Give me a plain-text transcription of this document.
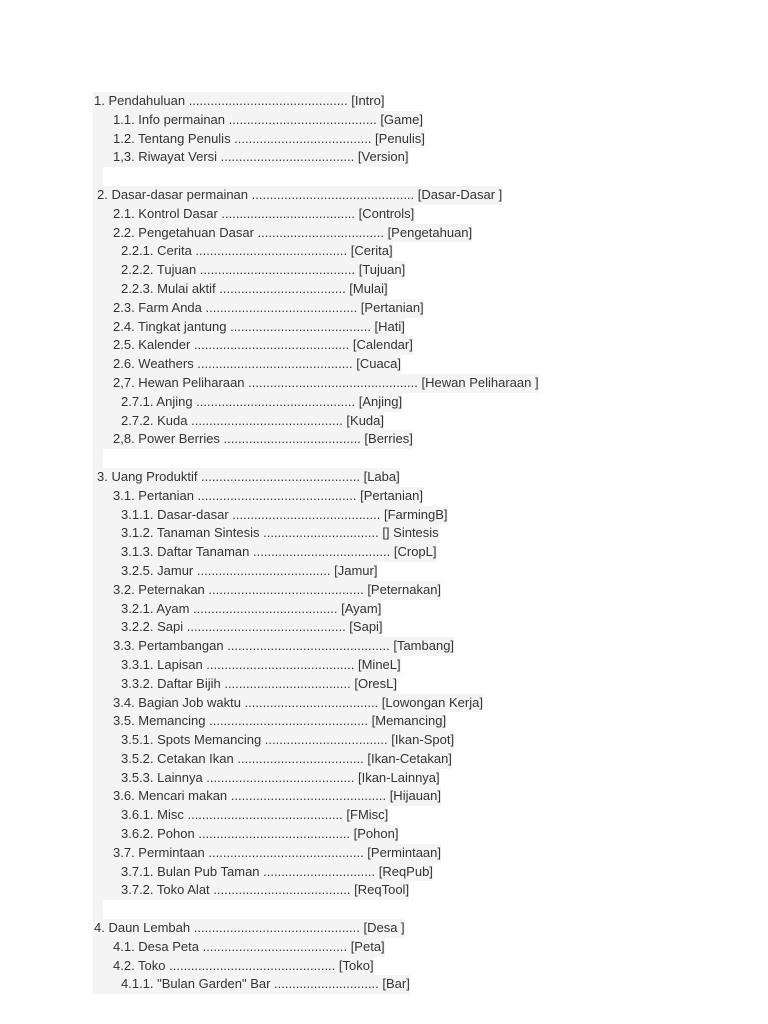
1. Pendahuluan ............................................ [Intro]
1.1. Info permainan ......................................... [Game]
1.2. Tentang Penulis ...................................... [Penulis]
1,3. Riwayat Versi ..................................... [Version]
2. Dasar-dasar permainan ............................................. [Dasar-Dasar ]
2.1. Kontrol Dasar ..................................... [Controls]
2.2. Pengetahuan Dasar ................................... [Pengetahuan]
2.2.1. Cerita .......................................... [Cerita]
2.2.2. Tujuan ........................................... [Tujuan]
2.2.3. Mulai aktif ................................... [Mulai]
2.3. Farm Anda .......................................... [Pertanian]
2.4. Tingkat jantung ....................................... [Hati]
2.5. Kalender ........................................... [Calendar]
2.6. Weathers ........................................... [Cuaca]
2,7. Hewan Peliharaan ............................................... [Hewan Peliharaan ]
2.7.1. Anjing ............................................ [Anjing]
2.7.2. Kuda .......................................... [Kuda]
2,8. Power Berries ...................................... [Berries]
3. Uang Produktif ............................................ [Laba]
3.1. Pertanian ............................................ [Pertanian]
3.1.1. Dasar-dasar ......................................... [FarmingB]
3.1.2. Tanaman Sintesis ................................ [] Sintesis
3.1.3. Daftar Tanaman ...................................... [CropL]
3.2.5. Jamur ..................................... [Jamur]
3.2. Peternakan ........................................... [Peternakan]
3.2.1. Ayam ........................................ [Ayam]
3.2.2. Sapi ............................................ [Sapi]
3.3. Pertambangan ............................................. [Tambang]
3.3.1. Lapisan ......................................... [MineL]
3.3.2. Daftar Bijih ................................... [OresL]
3.4. Bagian Job waktu ..................................... [Lowongan Kerja]
3.5. Memancing ............................................ [Memancing]
3.5.1. Spots Memancing .................................. [Ikan-Spot]
3.5.2. Cetakan Ikan ................................... [Ikan-Cetakan]
3.5.3. Lainnya ......................................... [Ikan-Lainnya]
3.6. Mencari makan ........................................... [Hijauan]
3.6.1. Misc ........................................... [FMisc]
3.6.2. Pohon .......................................... [Pohon]
3.7. Permintaan ........................................... [Permintaan]
3.7.1. Bulan Pub Taman ............................... [ReqPub]
3.7.2. Toko Alat ...................................... [ReqTool]
4. Daun Lembah .............................................. [Desa ]
4.1. Desa Peta ........................................ [Peta]
4.2. Toko .............................................. [Toko]
4.1.1. "Bulan Garden" Bar ............................. [Bar]
